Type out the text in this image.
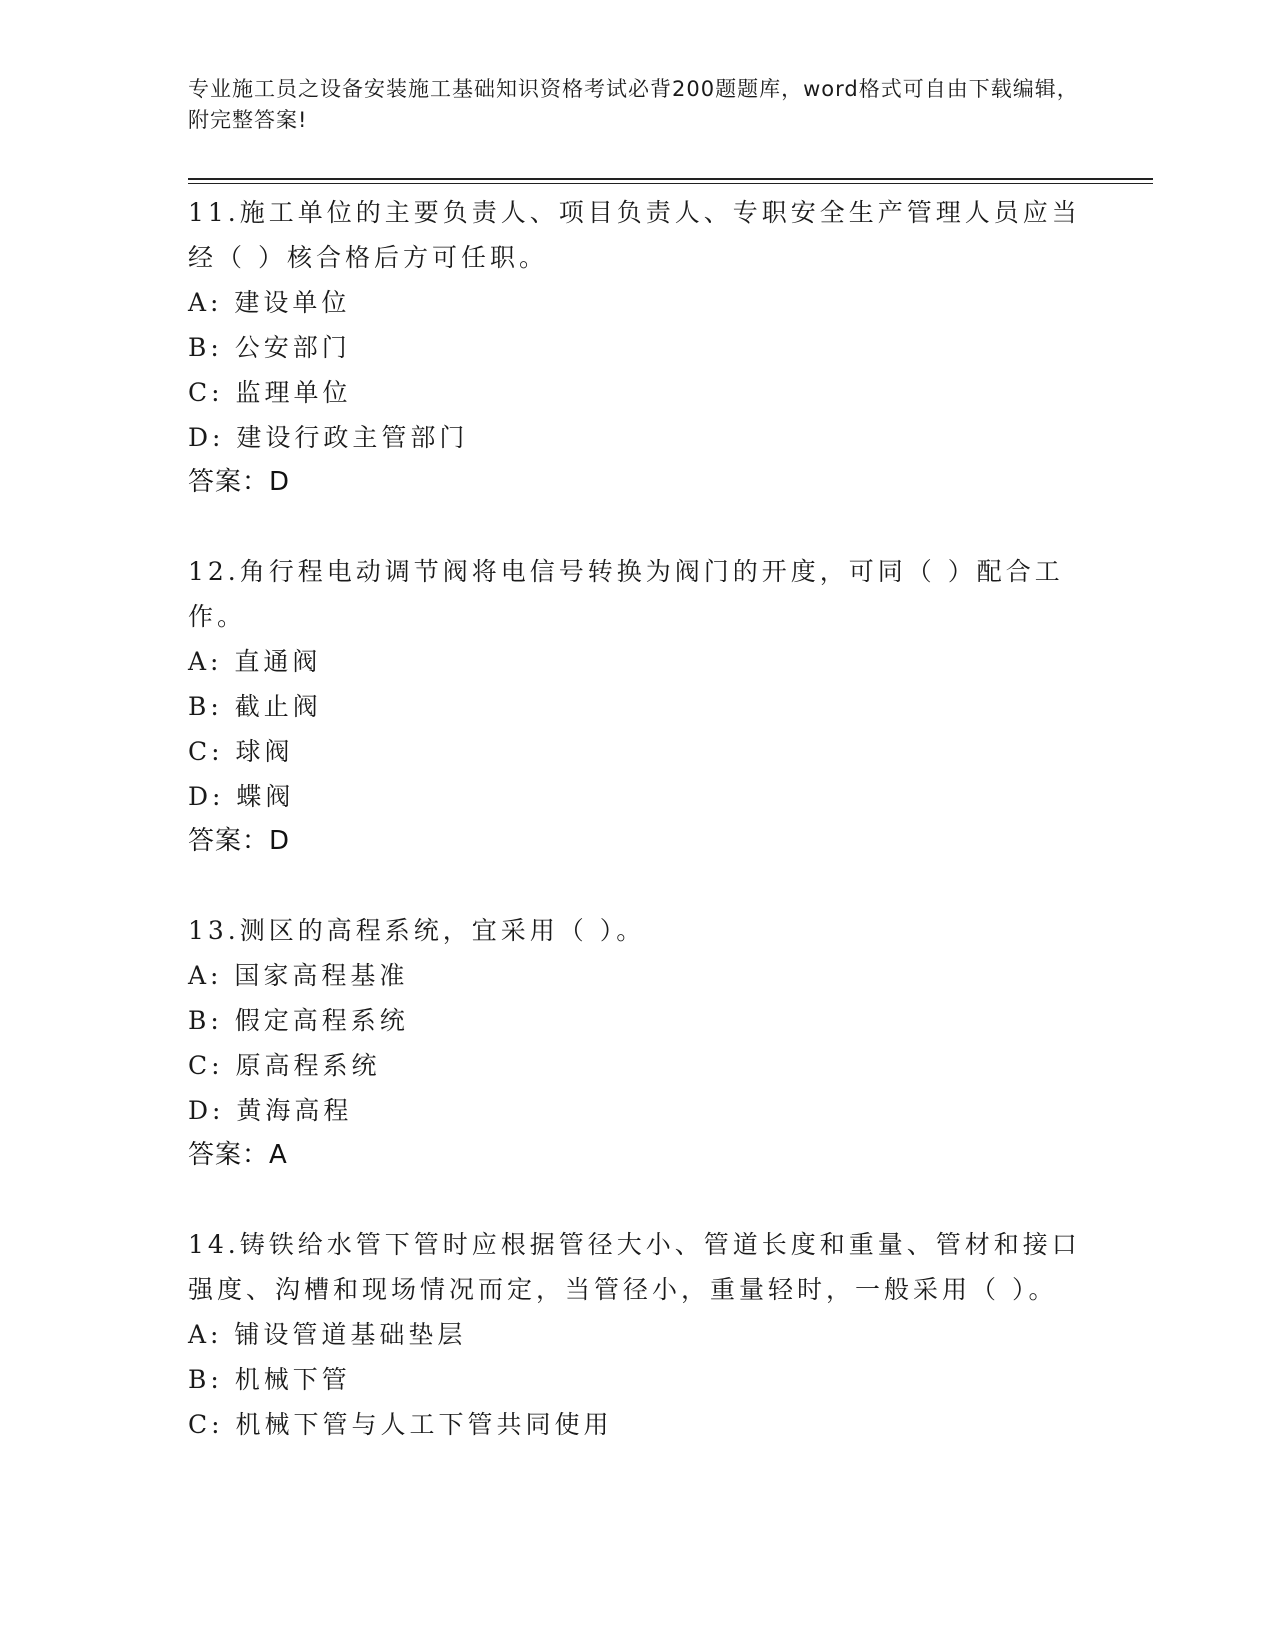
专业施工员之设备安装施工基础知识资格考试必背200题题库，word格式可自由下载编辑，附完整答案!

11.施工单位的主要负责人、项目负责人、专职安全生产管理人员应当经（ ）核合格后方可任职。

A: 建设单位

B: 公安部门

C: 监理单位

D: 建设行政主管部门

答案：D

12.角行程电动调节阀将电信号转换为阀门的开度，可同（ ）配合工作。

A: 直通阀

B: 截止阀

C: 球阀

D: 蝶阀

答案：D

13.测区的高程系统，宜采用（ ）。

A: 国家高程基准

B: 假定高程系统

C: 原高程系统

D: 黄海高程

答案：A

14.铸铁给水管下管时应根据管径大小、管道长度和重量、管材和接口强度、沟槽和现场情况而定，当管径小，重量轻时，一般采用（ ）。

A: 铺设管道基础垫层

B: 机械下管

C: 机械下管与人工下管共同使用
